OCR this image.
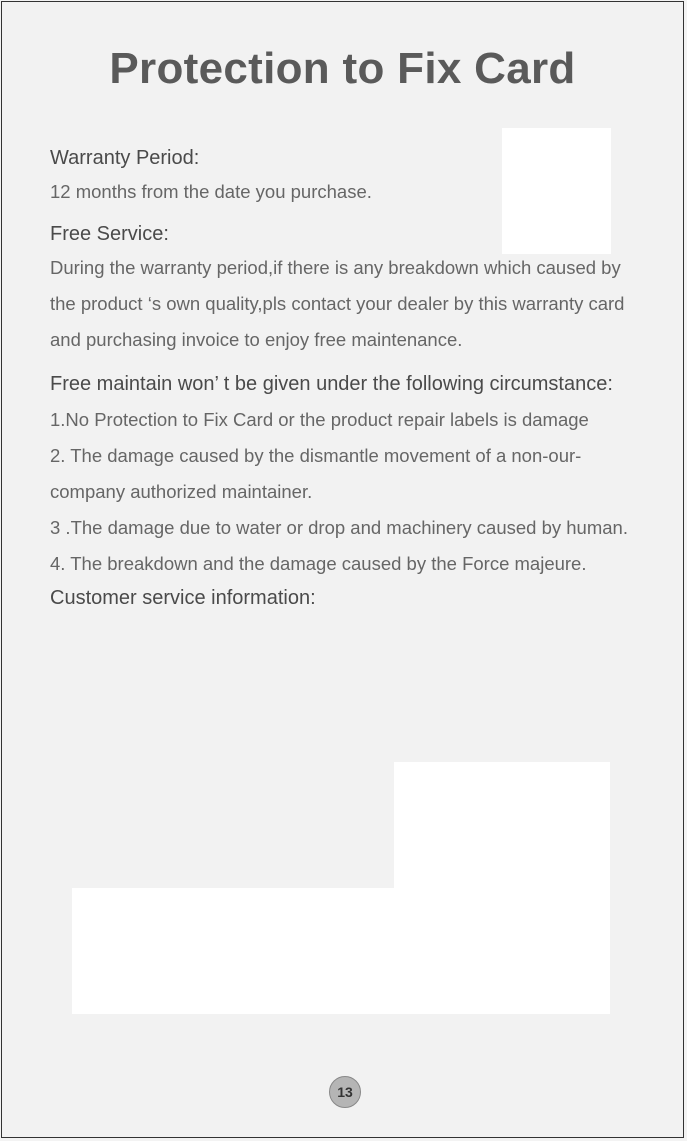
Protection to Fix Card

Warranty Period:

12 months from the date you purchase.

Free Service:

During the warranty period,if there is any breakdown which caused by the product ‘s own quality,pls contact your dealer by this warranty card and purchasing invoice to enjoy free maintenance.

Free maintain won’ t be given under the following circumstance:

1.No Protection to Fix Card or the product repair labels is damage

2. The damage caused by the dismantle movement of a non-our-company authorized maintainer.

3 .The damage due to water or drop and machinery caused by human.

4. The breakdown and the damage caused by the Force majeure.

Customer service information:

13
